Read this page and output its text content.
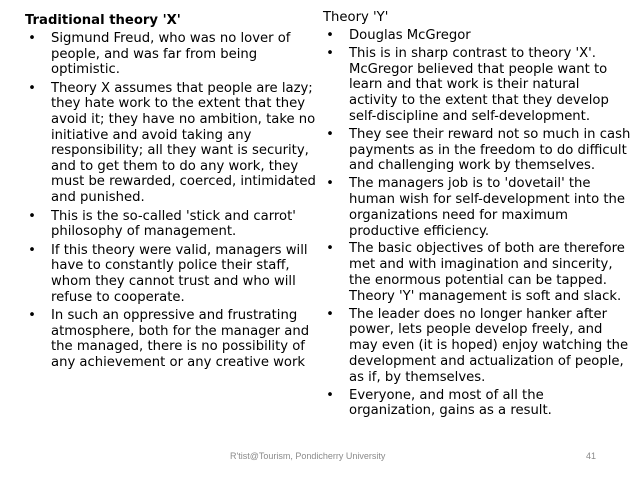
Traditional theory 'X'
• Sigmund Freud, who was no lover of people, and was far from being optimistic.
• Theory X assumes that people are lazy; they hate work to the extent that they avoid it; they have no ambition, take no initiative and avoid taking any responsibility; all they want is security, and to get them to do any work, they must be rewarded, coerced, intimidated and punished.
• This is the so-called 'stick and carrot' philosophy of management.
• If this theory were valid, managers will have to constantly police their staff, whom they cannot trust and who will refuse to cooperate.
• In such an oppressive and frustrating atmosphere, both for the manager and the managed, there is no possibility of any achievement or any creative work
Theory 'Y'
• Douglas McGregor
• This is in sharp contrast to theory 'X'. McGregor believed that people want to learn and that work is their natural activity to the extent that they develop self-discipline and self-development.
• They see their reward not so much in cash payments as in the freedom to do difficult and challenging work by themselves.
• The managers job is to 'dovetail' the human wish for self-development into the organizations need for maximum productive efficiency.
• The basic objectives of both are therefore met and with imagination and sincerity, the enormous potential can be tapped. Theory 'Y' management is soft and slack.
• The leader does no longer hanker after power, lets people develop freely, and may even (it is hoped) enjoy watching the development and actualization of people, as if, by themselves.
• Everyone, and most of all the organization, gains as a result.
R'tist@Tourism, Pondicherry University	41
